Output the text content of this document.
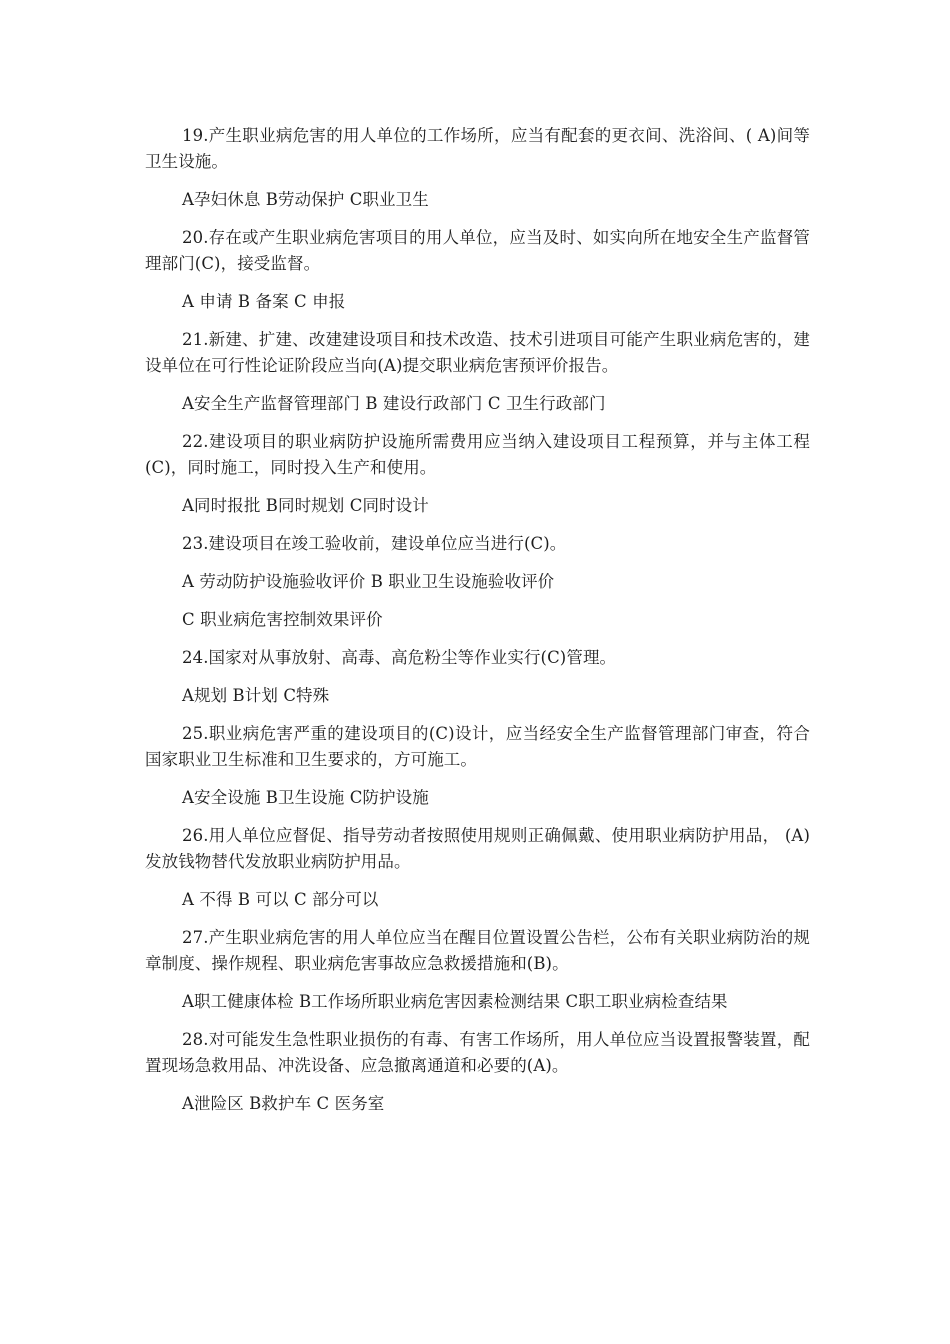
19.产生职业病危害的用人单位的工作场所，应当有配套的更衣间、洗浴间、( A)间等卫生设施。

A孕妇休息 B劳动保护 C职业卫生

20.存在或产生职业病危害项目的用人单位，应当及时、如实向所在地安全生产监督管理部门(C)，接受监督。

A 申请 B 备案 C 申报

21.新建、扩建、改建建设项目和技术改造、技术引进项目可能产生职业病危害的，建设单位在可行性论证阶段应当向(A)提交职业病危害预评价报告。

A安全生产监督管理部门 B 建设行政部门 C 卫生行政部门

22.建设项目的职业病防护设施所需费用应当纳入建设项目工程预算，并与主体工程(C)，同时施工，同时投入生产和使用。

A同时报批 B同时规划 C同时设计

23.建设项目在竣工验收前，建设单位应当进行(C)。

A 劳动防护设施验收评价 B 职业卫生设施验收评价

C 职业病危害控制效果评价

24.国家对从事放射、高毒、高危粉尘等作业实行(C)管理。

A规划 B计划 C特殊

25.职业病危害严重的建设项目的(C)设计，应当经安全生产监督管理部门审查，符合国家职业卫生标准和卫生要求的，方可施工。

A安全设施 B卫生设施 C防护设施

26.用人单位应督促、指导劳动者按照使用规则正确佩戴、使用职业病防护用品， (A)发放钱物替代发放职业病防护用品。

A 不得 B 可以 C 部分可以

27.产生职业病危害的用人单位应当在醒目位置设置公告栏，公布有关职业病防治的规章制度、操作规程、职业病危害事故应急救援措施和(B)。

A职工健康体检 B工作场所职业病危害因素检测结果 C职工职业病检查结果

28.对可能发生急性职业损伤的有毒、有害工作场所，用人单位应当设置报警装置，配置现场急救用品、冲洗设备、应急撤离通道和必要的(A)。

A泄险区 B救护车 C 医务室
